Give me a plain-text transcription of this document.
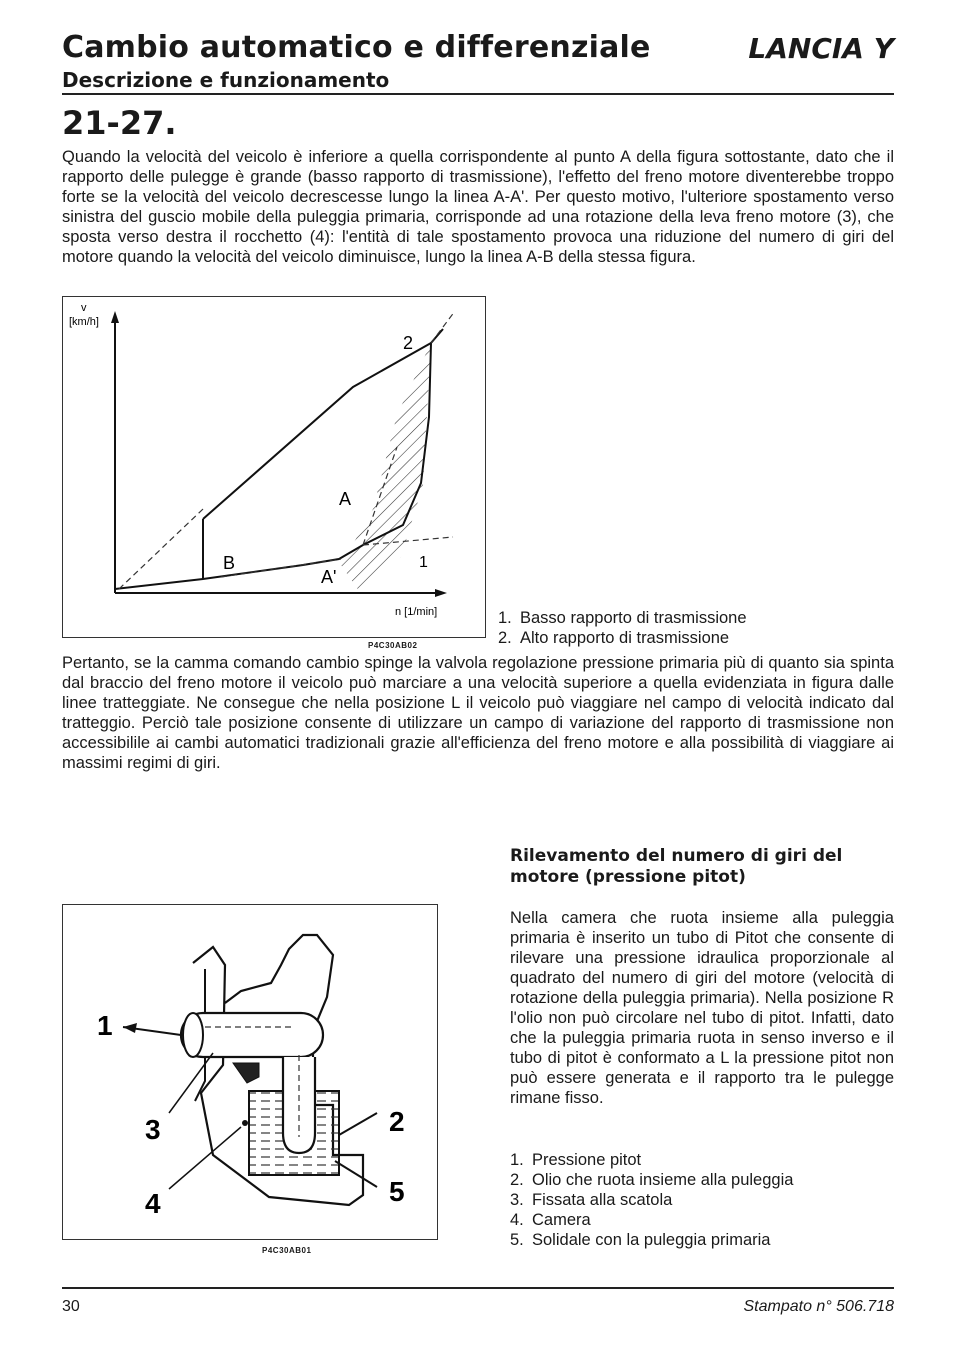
Cambio automatico e differenziale	LANCIA Y
Descrizione e funzionamento
21-27.

Quando la velocità del veicolo è inferiore a quella corrispondente al punto A della figura sottostante, dato che il rapporto delle pulegge è grande (basso rapporto di trasmissione), l'effetto del freno motore diventerebbe troppo forte se la velocità del veicolo decrescesse lungo la linea A-A'. Per questo motivo, l'ulteriore spostamento verso sinistra del guscio mobile della puleggia primaria, corrisponde ad una rotazione della leva freno motore (3), che sposta verso destra il rocchetto (4): l'entità di tale spostamento provoca una riduzione del numero di giri del motore quando la velocità del veicolo diminuisce, lungo la linea A-B della stessa figura.

v
[km/h]
n [1/min]
2
1
A
A'
B
P4C30AB02
1. Basso rapporto di trasmissione
2. Alto rapporto di trasmissione

Pertanto, se la camma comando cambio spinge la valvola regolazione pressione primaria più di quanto sia spinta dal braccio del freno motore il veicolo può marciare a una velocità superiore a quella evidenziata in figura dalle linee tratteggiate. Ne consegue che nella posizione L il veicolo può viaggiare nel campo di velocità indicato dal tratteggio. Perciò tale posizione consente di utilizzare un campo di variazione del rapporto di trasmissione non accessibilile ai cambi automatici tradizionali grazie all'efficienza del freno motore e alla possibilità di viaggiare ai massimi regimi di giri.

Rilevamento del numero di giri del motore (pressione pitot)

Nella camera che ruota insieme alla puleggia primaria è inserito un tubo di Pitot che consente di rilevare una pressione idraulica proporzionale al quadrato del numero di giri del motore (velocità di rotazione della puleggia primaria). Nella posizione R l'olio non può circolare nel tubo di pitot. Infatti, dato che la puleggia primaria ruota in senso inverso e il tubo di pitot è conformato a L la pressione pitot non può essere generata e il rapporto tra le pulegge rimane fisso.

1
2
3
4	5
P4C30AB01
1. Pressione pitot
2. Olio che ruota insieme alla puleggia
3. Fissata alla scatola
4. Camera
5. Solidale con la puleggia primaria
30	Stampato n° 506.718
